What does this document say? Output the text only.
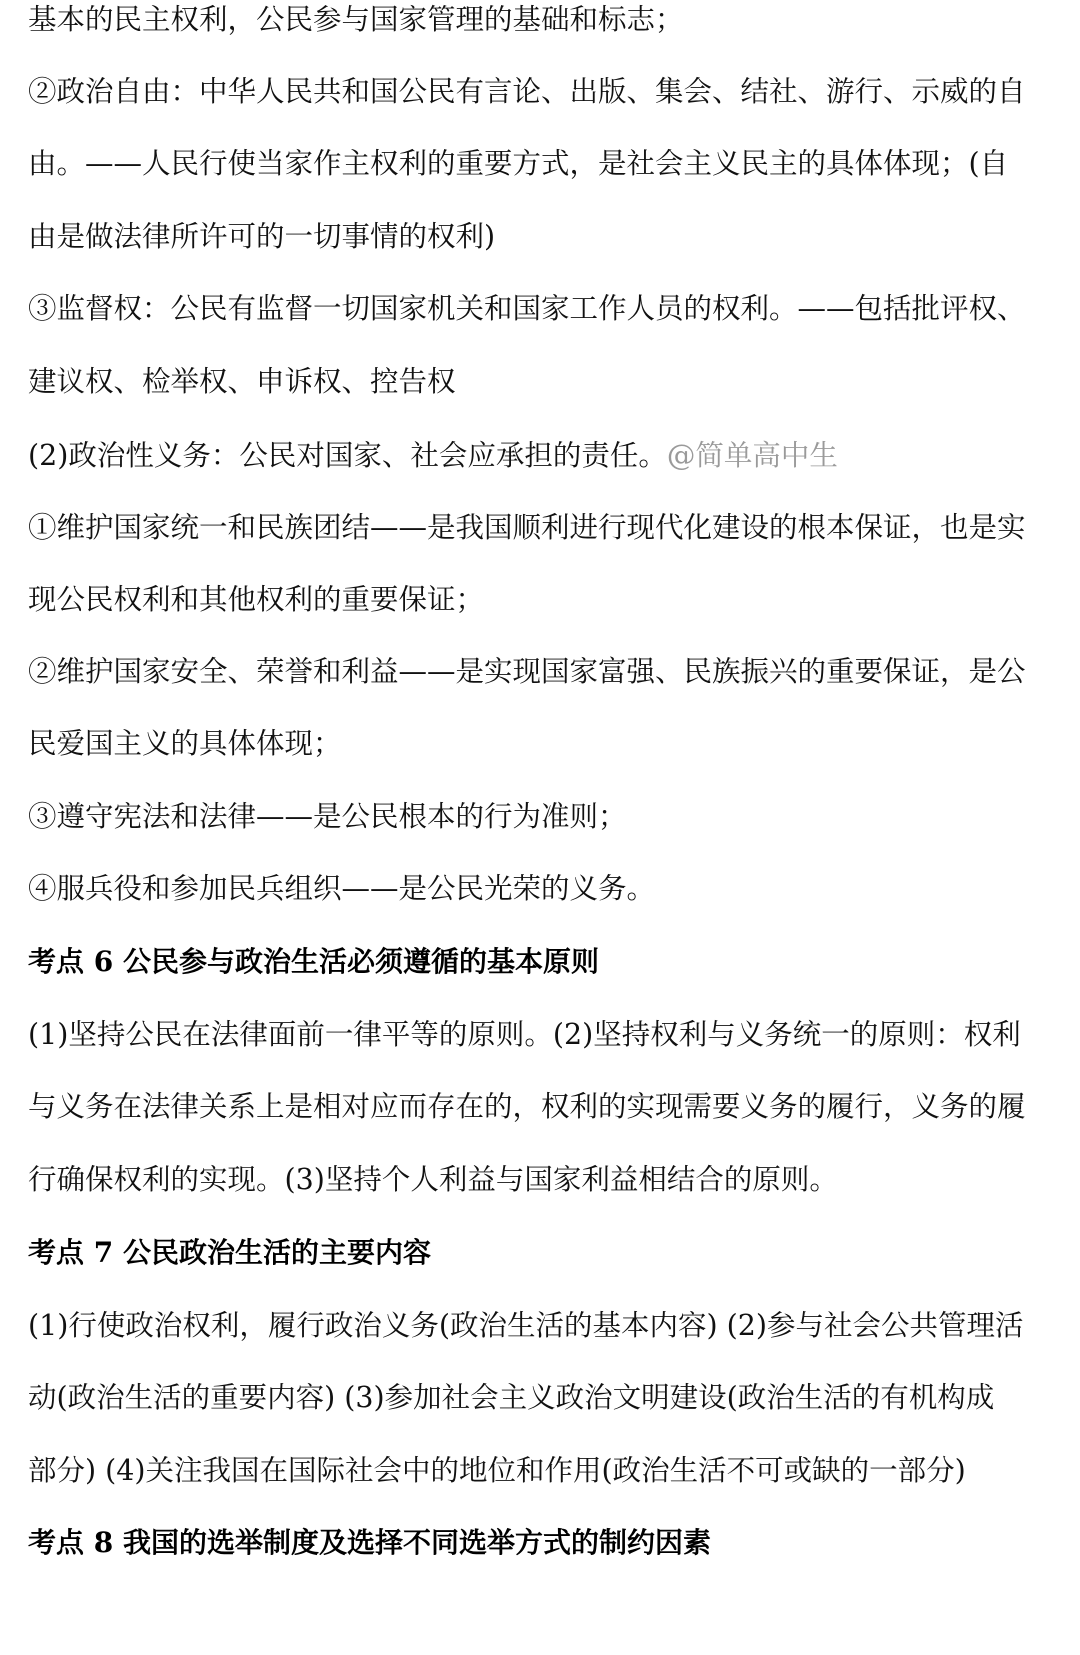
基本的民主权利，公民参与国家管理的基础和标志；
②政治自由：中华人民共和国公民有言论、出版、集会、结社、游行、示威的自
由。——人民行使当家作主权利的重要方式，是社会主义民主的具体体现；(自
由是做法律所许可的一切事情的权利)
③监督权：公民有监督一切国家机关和国家工作人员的权利。——包括批评权、
建议权、检举权、申诉权、控告权
(2)政治性义务：公民对国家、社会应承担的责任。@简单高中生
①维护国家统一和民族团结——是我国顺利进行现代化建设的根本保证，也是实
现公民权利和其他权利的重要保证；
②维护国家安全、荣誉和利益——是实现国家富强、民族振兴的重要保证，是公
民爱国主义的具体体现；
③遵守宪法和法律——是公民根本的行为准则；
④服兵役和参加民兵组织——是公民光荣的义务。
考点 6 公民参与政治生活必须遵循的基本原则
(1)坚持公民在法律面前一律平等的原则。(2)坚持权利与义务统一的原则：权利
与义务在法律关系上是相对应而存在的，权利的实现需要义务的履行，义务的履
行确保权利的实现。(3)坚持个人利益与国家利益相结合的原则。
考点 7 公民政治生活的主要内容
(1)行使政治权利，履行政治义务(政治生活的基本内容) (2)参与社会公共管理活
动(政治生活的重要内容) (3)参加社会主义政治文明建设(政治生活的有机构成
部分) (4)关注我国在国际社会中的地位和作用(政治生活不可或缺的一部分)
考点 8 我国的选举制度及选择不同选举方式的制约因素
